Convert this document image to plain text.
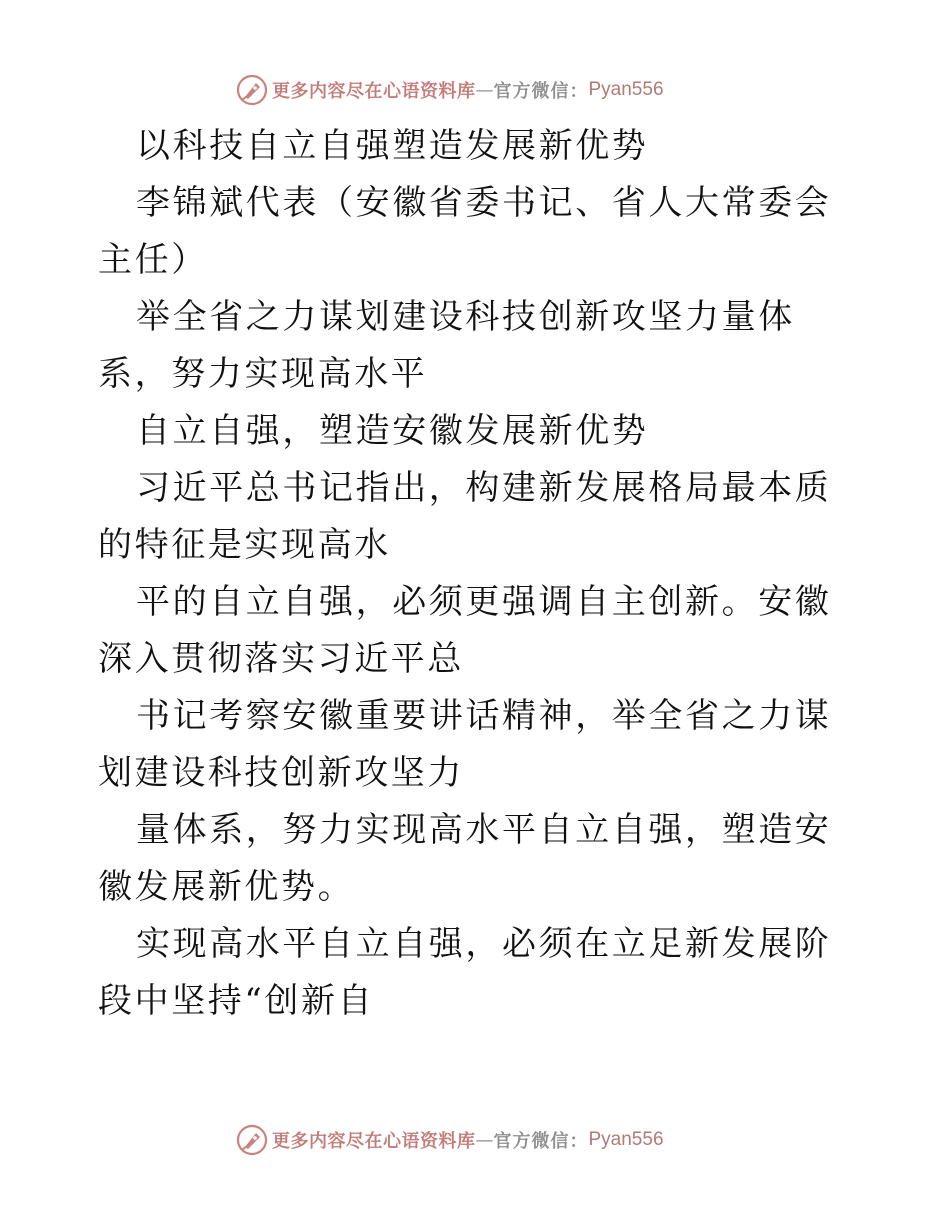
更多内容尽在心语资料库 — 官方微信： Pyan556

以科技自立自强塑造发展新优势

李锦斌代表（安徽省委书记、省人大常委会主任）

举全省之力谋划建设科技创新攻坚力量体系，努力实现高水平

自立自强，塑造安徽发展新优势

习近平总书记指出，构建新发展格局最本质的特征是实现高水

平的自立自强，必须更强调自主创新。安徽深入贯彻落实习近平总

书记考察安徽重要讲话精神，举全省之力谋划建设科技创新攻坚力

量体系，努力实现高水平自立自强，塑造安徽发展新优势。

实现高水平自立自强，必须在立足新发展阶段中坚持“创新自

更多内容尽在心语资料库 — 官方微信： Pyan556
